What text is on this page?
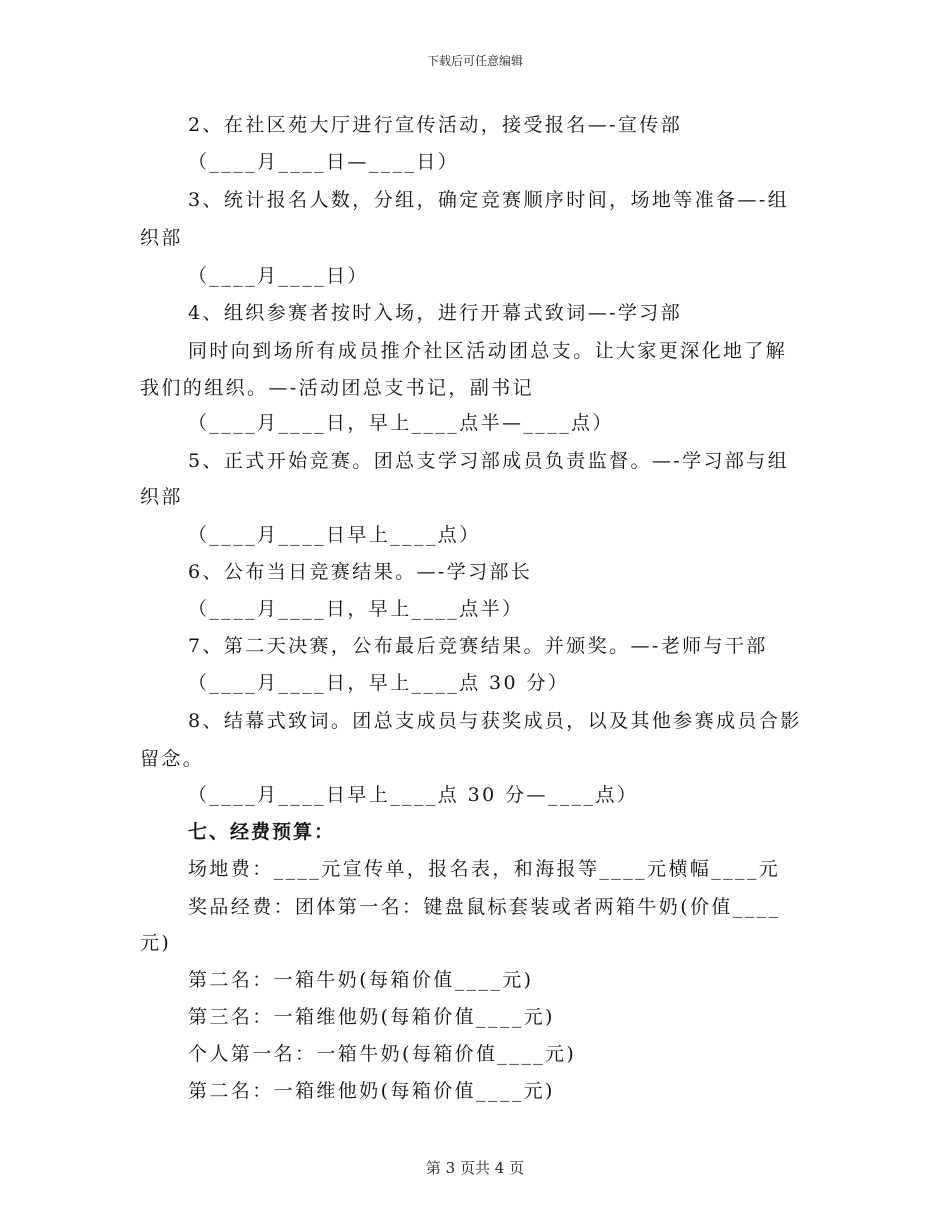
下载后可任意编辑
2、在社区苑大厅进行宣传活动，接受报名—-宣传部
（____月____日—____日）
3、统计报名人数，分组，确定竞赛顺序时间，场地等准备—-组
织部
（____月____日）
4、组织参赛者按时入场，进行开幕式致词—-学习部
同时向到场所有成员推介社区活动团总支。让大家更深化地了解
我们的组织。—-活动团总支书记，副书记
（____月____日，早上____点半—____点）
5、正式开始竞赛。团总支学习部成员负责监督。—-学习部与组
织部
（____月____日早上____点）
6、公布当日竞赛结果。—-学习部长
（____月____日，早上____点半）
7、第二天决赛，公布最后竞赛结果。并颁奖。—-老师与干部
（____月____日，早上____点 30 分）
8、结幕式致词。团总支成员与获奖成员，以及其他参赛成员合影
留念。
（____月____日早上____点 30 分—____点）
七、经费预算：
场地费：____元宣传单，报名表，和海报等____元横幅____元
奖品经费：团体第一名：键盘鼠标套装或者两箱牛奶(价值____
元)
第二名：一箱牛奶(每箱价值____元)
第三名：一箱维他奶(每箱价值____元)
个人第一名：一箱牛奶(每箱价值____元)
第二名：一箱维他奶(每箱价值____元)
第 3 页共 4 页
